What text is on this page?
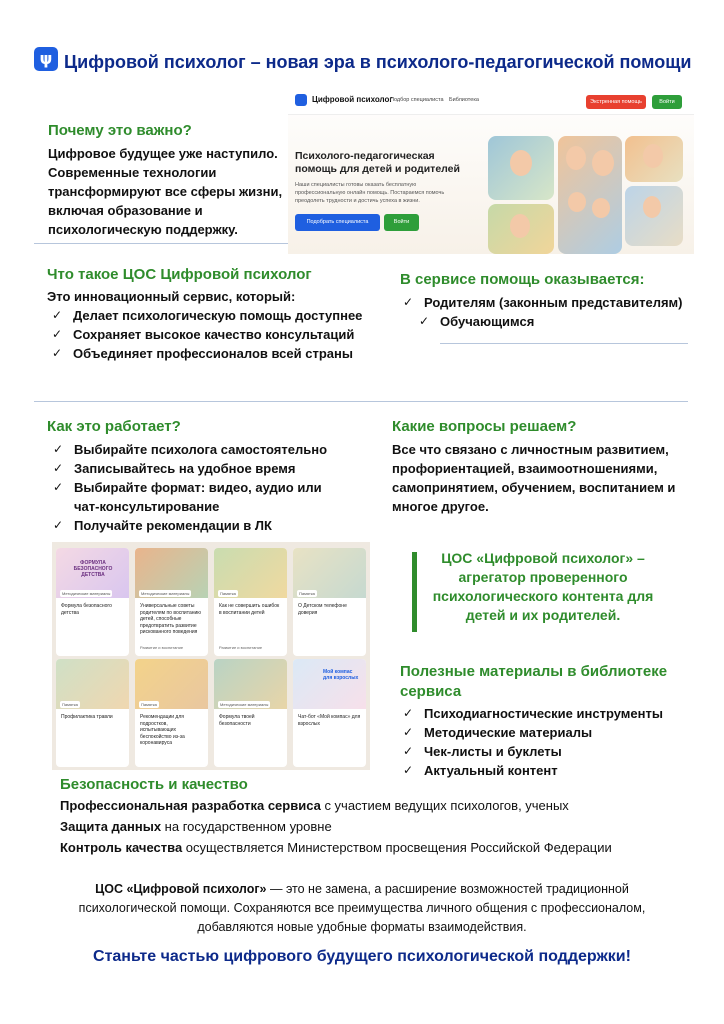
ψ Цифровой психолог – новая эра в психолого-педагогической помощи
Почему это важно?
Цифровое будущее уже наступило. Современные технологии трансформируют все сферы жизни, включая образование и психологическую поддержку.
Цифровой психолог
Подбор специалиста Библиотека	Экстренная помощь	Войти
Психолого-педагогическая помощь для детей и родителей
Наши специалисты готовы оказать бесплатную профессиональную онлайн помощь. Постараемся помочь преодолеть трудности и достичь успеха в жизни.
Подобрать специалиста	Войти
Что такое ЦОС Цифровой психолог
Это инновационный сервис, который:
✓ Делает психологическую помощь доступнее
✓ Сохраняет высокое качество консультаций
✓ Объединяет профессионалов всей страны
В сервисе помощь оказывается:
✓ Родителям (законным представителям)
✓ Обучающимся
Как это работает?
✓ Выбирайте психолога самостоятельно
✓ Записывайтесь на удобное время
✓ Выбирайте формат: видео, аудио или чат-консультирование
✓ Получайте рекомендации в ЛК
Какие вопросы решаем?
Все что связано с личностным развитием, профориентацией, взаимоотношениями, самопринятием, обучением, воспитанием и многое другое.
ФОРМУЛА БЕЗОПАСНОГО ДЕТСТВА
Методические материалы
Формула безопасного детства
Методические материалы
Универсальные советы родителям по воспитанию детей, способные предотвратить развитие рискованного поведения
Развитие и воспитание
Памятка
Как не совершить ошибок в воспитании детей
Развитие и воспитание
Памятка
О Детском телефоне доверия
Памятка
Профилактика травли
Памятка
Рекомендации для подростков, испытывающих беспокойство из-за коронавируса
Методические материалы
Формула твоей безопасности
Мой компас для взрослых
Чат-бот «Мой компас» для взрослых
ЦОС «Цифровой психолог» – агрегатор проверенного психологического контента для детей и их родителей.
Полезные материалы в библиотеке сервиса
✓ Психодиагностические инструменты
✓ Методические материалы
✓ Чек-листы и буклеты
✓ Актуальный контент
Безопасность и качество

Профессиональная разработка сервиса с участием ведущих психологов, ученых

Защита данных на государственном уровне

Контроль качества осуществляется Министерством просвещения Российской Федерации

ЦОС «Цифровой психолог» — это не замена, а расширение возможностей традиционной психологической помощи. Сохраняются все преимущества личного общения с профессионалом, добавляются новые удобные форматы взаимодействия.
Станьте частью цифрового будущего психологической поддержки!
